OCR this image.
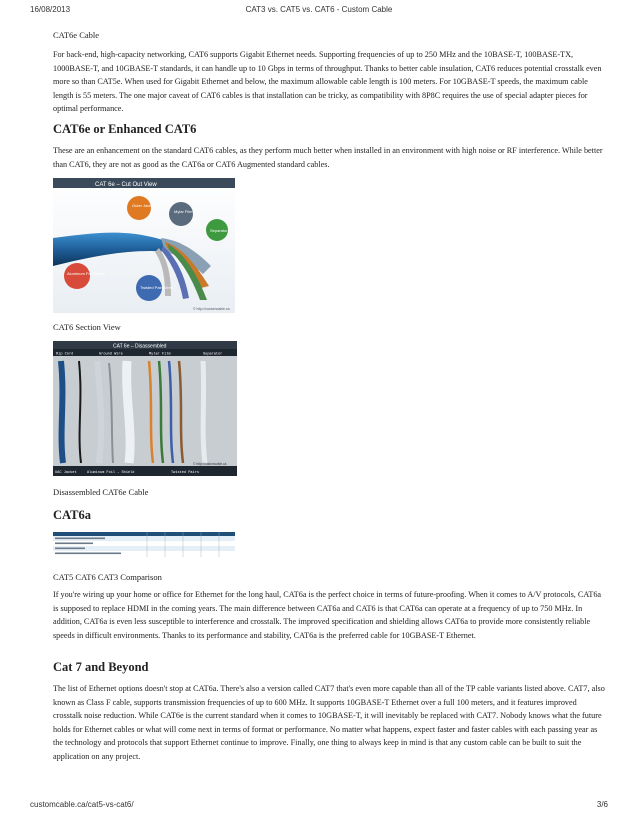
16/08/2013	CAT3 vs. CAT5 vs. CAT6 - Custom Cable
CAT6e Cable

For back-end, high-capacity networking, CAT6 supports Gigabit Ethernet needs. Supporting frequencies of up to 250 MHz and the 10BASE-T, 100BASE-TX, 1000BASE-T, and 10GBASE-T standards, it can handle up to 10 Gbps in terms of throughput. Thanks to better cable insulation, CAT6 reduces potential crosstalk even more so than CAT5e. When used for Gigabit Ethernet and below, the maximum allowable cable length is 100 meters. For 10GBASE-T speeds, the maximum cable length is 55 meters. The one major caveat of CAT6 cables is that installation can be tricky, as compatibility with 8P8C requires the use of special adapter pieces for optimal performance.

CAT6e or Enhanced CAT6

These are an enhancement on the standard CAT6 cables, as they perform much better when installed in an environment with high noise or RF interference. While better than CAT6, they are not as good as the CAT6a or CAT6 Augmented standard cables.

CAT 6e – Cut Out View
Outer Jacket
Mylar Film
Separator
Aluminum Foil Shield
Twisted Pair Wires
© http://customcable.ca
CAT6 Section View
CAT 6e – Disassembled
Rip Cord	Ground Wire	Mylar Film	Separator
UAC Jacket	Aluminum Foil – Shield	Twisted Pairs
© http://customcable.ca
Disassembled CAT6e Cable
CAT6a
CAT5 CAT6 CAT3 Comparison

If you're wiring up your home or office for Ethernet for the long haul, CAT6a is the perfect choice in terms of future-proofing. When it comes to A/V protocols, CAT6a is supposed to replace HDMI in the coming years. The main difference between CAT6a and CAT6 is that CAT6a can operate at a frequency of up to 750 MHz. In addition, CAT6a is even less susceptible to interference and crosstalk. The improved specification and shielding allows CAT6a to provide more consistently reliable speeds in difficult environments. Thanks to its performance and stability, CAT6a is the preferred cable for 10GBASE-T Ethernet.

Cat 7 and Beyond

The list of Ethernet options doesn't stop at CAT6a. There's also a version called CAT7 that's even more capable than all of the TP cable variants listed above. CAT7, also known as Class F cable, supports transmission frequencies of up to 600 MHz. It supports 10GBASE-T Ethernet over a full 100 meters, and it features improved crosstalk noise reduction. While CAT6e is the current standard when it comes to 10GBASE-T, it will inevitably be replaced with CAT7. Nobody knows what the future holds for Ethernet cables or what will come next in terms of format or performance. No matter what happens, expect faster and faster cables with each passing year as the technology and protocols that support Ethernet continue to improve. Finally, one thing to always keep in mind is that any custom cable can be built to suit the application on any project.

customcable.ca/cat5-vs-cat6/	3/6
